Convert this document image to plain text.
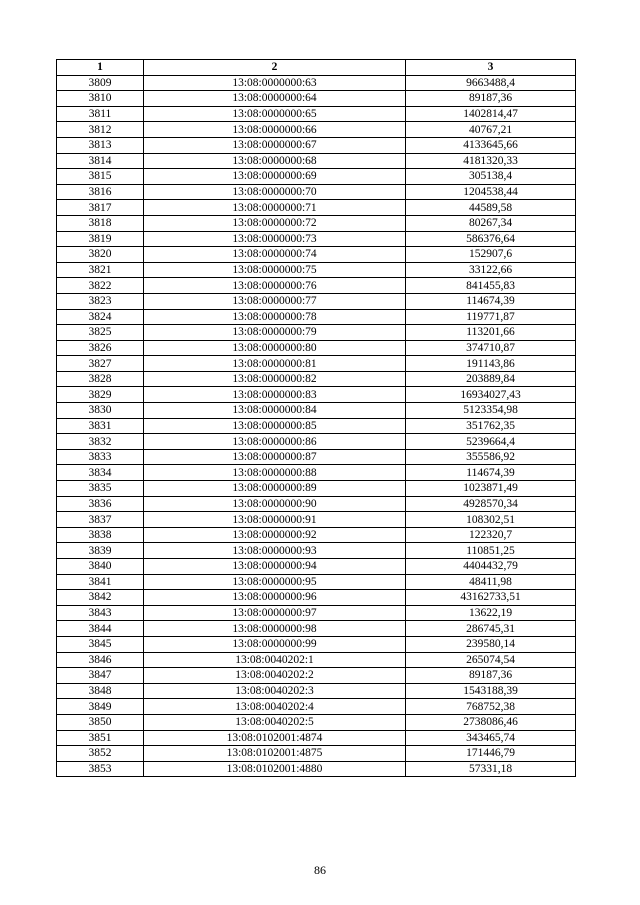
1	2	3
3809	13:08:0000000:63	9663488,4
3810	13:08:0000000:64	89187,36
3811	13:08:0000000:65	1402814,47
3812	13:08:0000000:66	40767,21
3813	13:08:0000000:67	4133645,66
3814	13:08:0000000:68	4181320,33
3815	13:08:0000000:69	305138,4
3816	13:08:0000000:70	1204538,44
3817	13:08:0000000:71	44589,58
3818	13:08:0000000:72	80267,34
3819	13:08:0000000:73	586376,64
3820	13:08:0000000:74	152907,6
3821	13:08:0000000:75	33122,66
3822	13:08:0000000:76	841455,83
3823	13:08:0000000:77	114674,39
3824	13:08:0000000:78	119771,87
3825	13:08:0000000:79	113201,66
3826	13:08:0000000:80	374710,87
3827	13:08:0000000:81	191143,86
3828	13:08:0000000:82	203889,84
3829	13:08:0000000:83	16934027,43
3830	13:08:0000000:84	5123354,98
3831	13:08:0000000:85	351762,35
3832	13:08:0000000:86	5239664,4
3833	13:08:0000000:87	355586,92
3834	13:08:0000000:88	114674,39
3835	13:08:0000000:89	1023871,49
3836	13:08:0000000:90	4928570,34
3837	13:08:0000000:91	108302,51
3838	13:08:0000000:92	122320,7
3839	13:08:0000000:93	110851,25
3840	13:08:0000000:94	4404432,79
3841	13:08:0000000:95	48411,98
3842	13:08:0000000:96	43162733,51
3843	13:08:0000000:97	13622,19
3844	13:08:0000000:98	286745,31
3845	13:08:0000000:99	239580,14
3846	13:08:0040202:1	265074,54
3847	13:08:0040202:2	89187,36
3848	13:08:0040202:3	1543188,39
3849	13:08:0040202:4	768752,38
3850	13:08:0040202:5	2738086,46
3851	13:08:0102001:4874	343465,74
3852	13:08:0102001:4875	171446,79
3853	13:08:0102001:4880	57331,18
86
